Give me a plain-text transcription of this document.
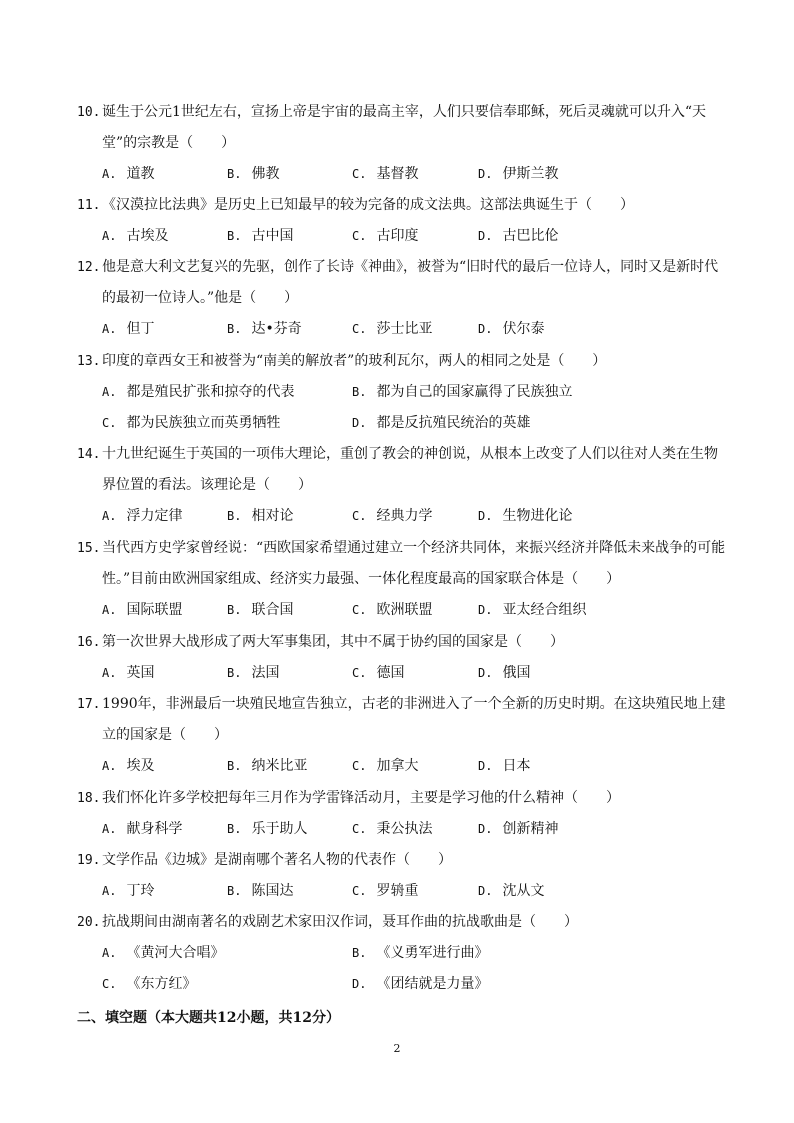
10. 诞生于公元1世纪左右，宣扬上帝是宇宙的最高主宰，人们只要信奉耶稣，死后灵魂就可以升入“天堂”的宗教是（　　）
A. 道教	B. 佛教	C. 基督教	D. 伊斯兰教
11. 《汉漠拉比法典》是历史上已知最早的较为完备的成文法典。这部法典诞生于（　　）
A. 古埃及	B. 古中国	C. 古印度	D. 古巴比伦
12. 他是意大利文艺复兴的先驱，创作了长诗《神曲》，被誉为“旧时代的最后一位诗人，同时又是新时代的最初一位诗人。”他是（　　）
A. 但丁	B. 达•芬奇	C. 莎士比亚	D. 伏尔泰
13. 印度的章西女王和被誉为“南美的解放者”的玻利瓦尔，两人的相同之处是（　　）
A. 都是殖民扩张和掠夺的代表	B. 都为自己的国家赢得了民族独立
C. 都为民族独立而英勇牺牲	D. 都是反抗殖民统治的英雄
14. 十九世纪诞生于英国的一项伟大理论，重创了教会的神创说，从根本上改变了人们以往对人类在生物界位置的看法。该理论是（　　）
A. 浮力定律	B. 相对论	C. 经典力学	D. 生物进化论
15. 当代西方史学家曾经说：“西欧国家希望通过建立一个经济共同体，来振兴经济并降低未来战争的可能性。”目前由欧洲国家组成、经济实力最强、一体化程度最高的国家联合体是（　　）
A. 国际联盟	B. 联合国	C. 欧洲联盟	D. 亚太经合组织
16. 第一次世界大战形成了两大军事集团，其中不属于协约国的国家是（　　）
A. 英国	B. 法国	C. 德国	D. 俄国
17. 1990年，非洲最后一块殖民地宣告独立，古老的非洲进入了一个全新的历史时期。在这块殖民地上建立的国家是（　　）
A. 埃及	B. 纳米比亚	C. 加拿大	D. 日本
18. 我们怀化许多学校把每年三月作为学雷锋活动月，主要是学习他的什么精神（　　）
A. 献身科学	B. 乐于助人	C. 秉公执法	D. 创新精神
19. 文学作品《边城》是湖南哪个著名人物的代表作（　　）
A. 丁玲	B. 陈国达	C. 罗辀重	D. 沈从文
20. 抗战期间由湖南著名的戏剧艺术家田汉作词，聂耳作曲的抗战歌曲是（　　）
A. 《黄河大合唱》	B. 《义勇军进行曲》
C. 《东方红》	D. 《团结就是力量》
二、填空题（本大题共12小题，共12分）
2
